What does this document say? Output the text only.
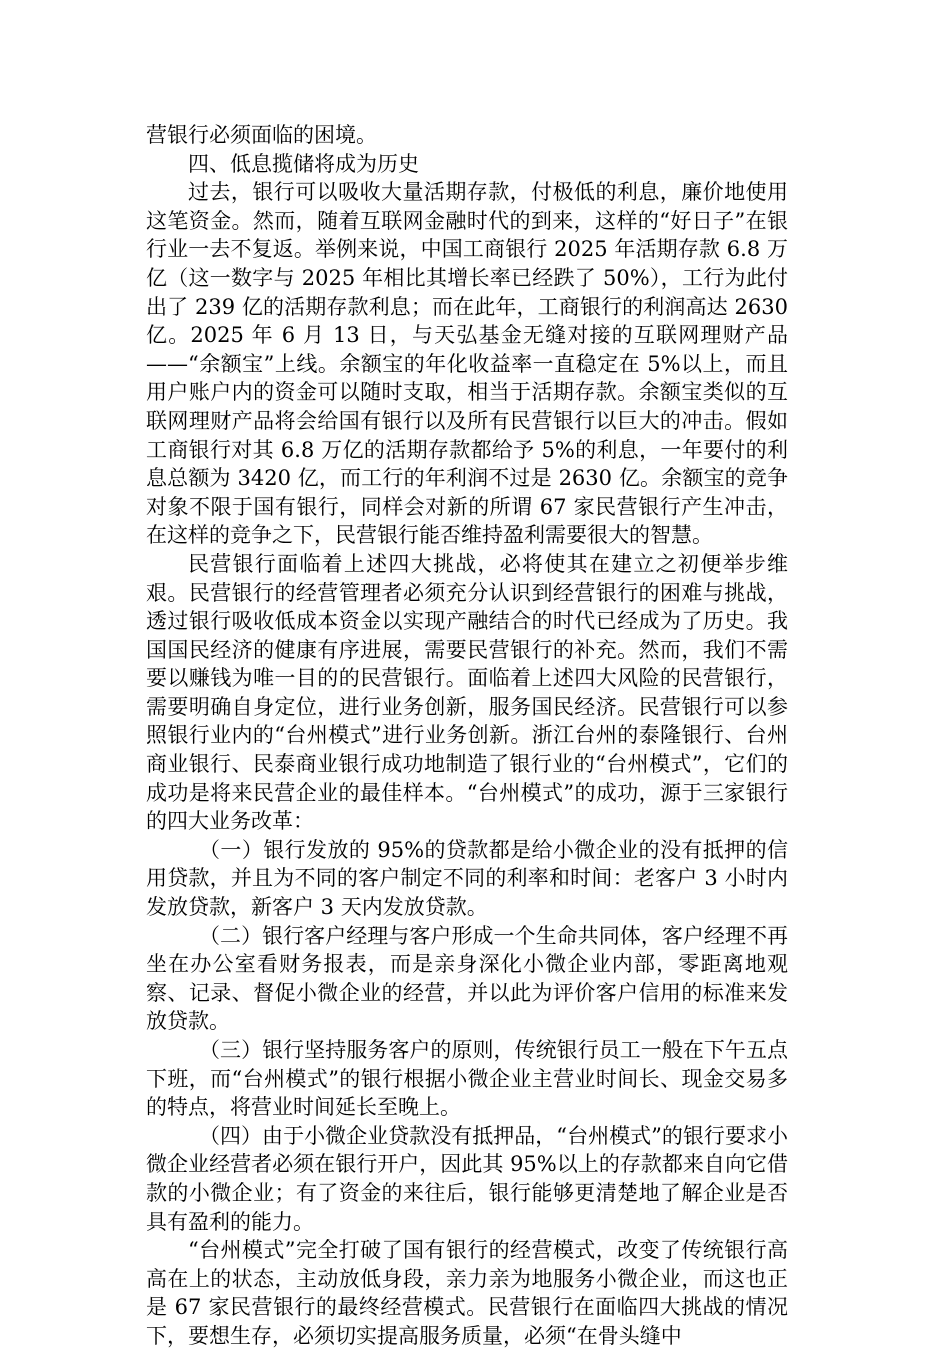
营银行必须面临的困境。

四、低息揽储将成为历史

过去，银行可以吸收大量活期存款，付极低的利息，廉价地使用这笔资金。然而，随着互联网金融时代的到来，这样的“好日子”在银行业一去不复返。举例来说，中国工商银行 2025 年活期存款 6.8 万亿（这一数字与 2025 年相比其增长率已经跌了 50%），工行为此付出了 239 亿的活期存款利息；而在此年，工商银行的利润高达 2630 亿。2025 年 6 月 13 日，与天弘基金无缝对接的互联网理财产品——“余额宝”上线。余额宝的年化收益率一直稳定在 5%以上，而且用户账户内的资金可以随时支取，相当于活期存款。余额宝类似的互联网理财产品将会给国有银行以及所有民营银行以巨大的冲击。假如工商银行对其 6.8 万亿的活期存款都给予 5%的利息，一年要付的利息总额为 3420 亿，而工行的年利润不过是 2630 亿。余额宝的竞争对象不限于国有银行，同样会对新的所谓 67 家民营银行产生冲击，在这样的竞争之下，民营银行能否维持盈利需要很大的智慧。

民营银行面临着上述四大挑战，必将使其在建立之初便举步维艰。民营银行的经营管理者必须充分认识到经营银行的困难与挑战，透过银行吸收低成本资金以实现产融结合的时代已经成为了历史。我国国民经济的健康有序进展，需要民营银行的补充。然而，我们不需要以赚钱为唯一目的的民营银行。面临着上述四大风险的民营银行，需要明确自身定位，进行业务创新，服务国民经济。民营银行可以参照银行业内的“台州模式”进行业务创新。浙江台州的泰隆银行、台州商业银行、民泰商业银行成功地制造了银行业的“台州模式”，它们的成功是将来民营企业的最佳样本。“台州模式”的成功，源于三家银行的四大业务改革：

（一）银行发放的 95%的贷款都是给小微企业的没有抵押的信用贷款，并且为不同的客户制定不同的利率和时间：老客户 3 小时内发放贷款，新客户 3 天内发放贷款。

（二）银行客户经理与客户形成一个生命共同体，客户经理不再坐在办公室看财务报表，而是亲身深化小微企业内部，零距离地观察、记录、督促小微企业的经营，并以此为评价客户信用的标准来发放贷款。

（三）银行坚持服务客户的原则，传统银行员工一般在下午五点下班，而“台州模式”的银行根据小微企业主营业时间长、现金交易多的特点，将营业时间延长至晚上。

（四）由于小微企业贷款没有抵押品，“台州模式”的银行要求小微企业经营者必须在银行开户，因此其 95%以上的存款都来自向它借款的小微企业；有了资金的来往后，银行能够更清楚地了解企业是否具有盈利的能力。

“台州模式”完全打破了国有银行的经营模式，改变了传统银行高高在上的状态，主动放低身段，亲力亲为地服务小微企业，而这也正是 67 家民营银行的最终经营模式。民营银行在面临四大挑战的情况下，要想生存，必须切实提高服务质量，必须“在骨头缝中
